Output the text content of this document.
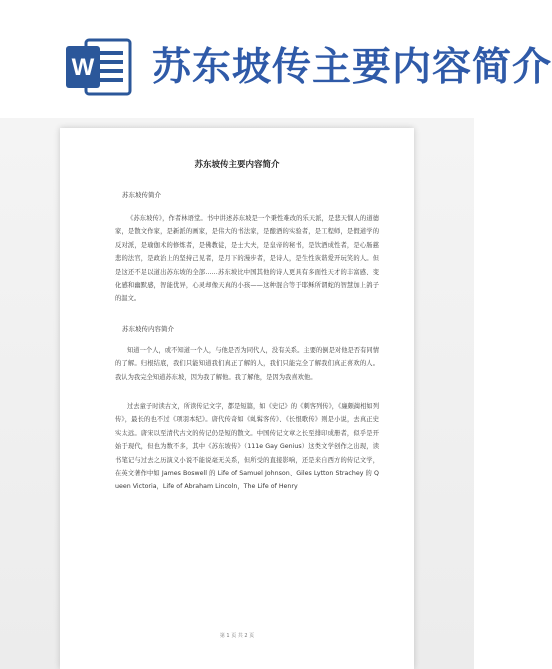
W 苏东坡传主要内容简介
苏东坡传主要内容简介
苏东坡传简介

《苏东坡传》，作者林语堂。书中讲述苏东坡是一个秉性难改的乐天派，是悲天悯人的道德家，是散文作家，是新派的画家，是伟大的书法家，是酿酒的实验者，是工程师，是假道学的反对派，是瑜伽术的修炼者，是佛教徒，是士大夫，是皇帝的秘书，是饮酒成性者，是心肠慈悲的法官，是政治上的坚持己见者，是月下的漫步者，是诗人，是生性诙谐爱开玩笑的人。但是这还不足以道出苏东坡的全部……苏东坡比中国其他的诗人更具有多面性天才的丰富感、变化感和幽默感，智能优异，心灵却像天真的小孩——这种混合等于耶稣所谓蛇的智慧加上鸽子的温文。

苏东坡传内容简介

知道一个人，或不知道一个人，与他是否为同代人，没有关系。主要的倒是对他是否有同情的了解。归根结底，我们只能知道我们真正了解的人，我们只能完全了解我们真正喜欢的人。我认为我完全知道苏东坡，因为我了解他。我了解他，是因为我喜欢他。

过去童子时读古文，所读传记文字，都是短篇，如《史记》的《刺客列传》，《廉颇蔺相如列传》，最长的也不过《项羽本纪》。唐代传奇如《虬髯客传》、《长恨歌传》则是小说，去真正史实太远。唐宋以至清代古文的传记仍是短的散文。中国传记文章之长至排印成册者，似乎是开始于现代，但也为数不多，其中《苏东坡传》（111e Gay Genius）这类文学创作之出现，读书笔记与过去之历演义小说不能说毫无关系，但所受的直接影响，还是来自西方的传记文学，在英文著作中如 James Boswell 的 Life of Samuel Johnson、Giles Lytton Strachey 的 Queen Victoria，Life of Abraham Lincoln，The Life of Henry

第 1 页 共 2 页
